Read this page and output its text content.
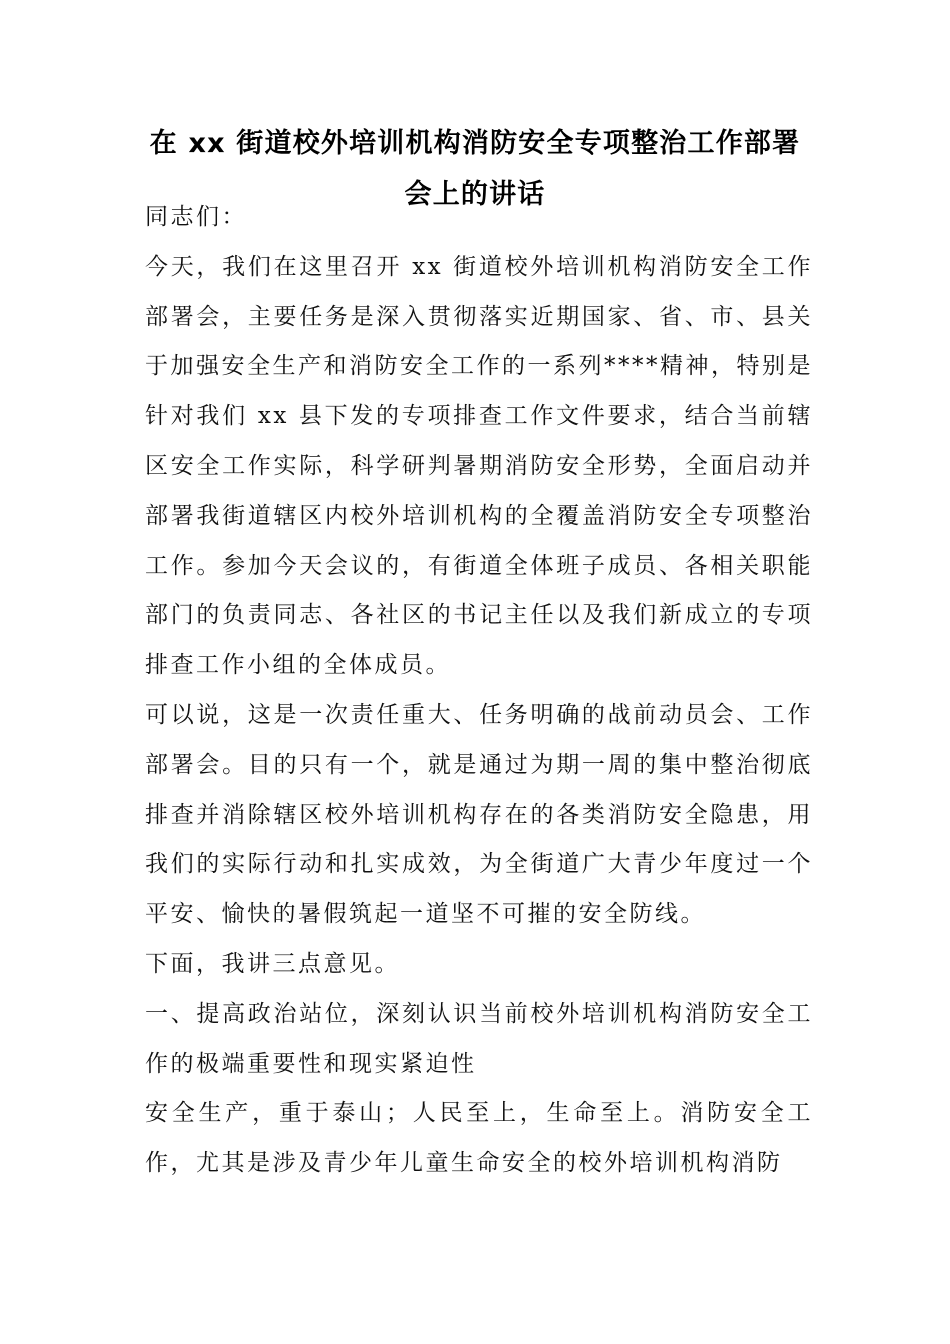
在 xx 街道校外培训机构消防安全专项整治工作部署会上的讲话

同志们：

今天，我们在这里召开 xx 街道校外培训机构消防安全工作部署会，主要任务是深入贯彻落实近期国家、省、市、县关于加强安全生产和消防安全工作的一系列****精神，特别是针对我们 xx 县下发的专项排查工作文件要求，结合当前辖区安全工作实际，科学研判暑期消防安全形势，全面启动并部署我街道辖区内校外培训机构的全覆盖消防安全专项整治工作。参加今天会议的，有街道全体班子成员、各相关职能部门的负责同志、各社区的书记主任以及我们新成立的专项排查工作小组的全体成员。

可以说，这是一次责任重大、任务明确的战前动员会、工作部署会。目的只有一个，就是通过为期一周的集中整治彻底排查并消除辖区校外培训机构存在的各类消防安全隐患，用我们的实际行动和扎实成效，为全街道广大青少年度过一个平安、愉快的暑假筑起一道坚不可摧的安全防线。

下面，我讲三点意见。

一、提高政治站位，深刻认识当前校外培训机构消防安全工作的极端重要性和现实紧迫性

安全生产，重于泰山；人民至上，生命至上。消防安全工作，尤其是涉及青少年儿童生命安全的校外培训机构消防
